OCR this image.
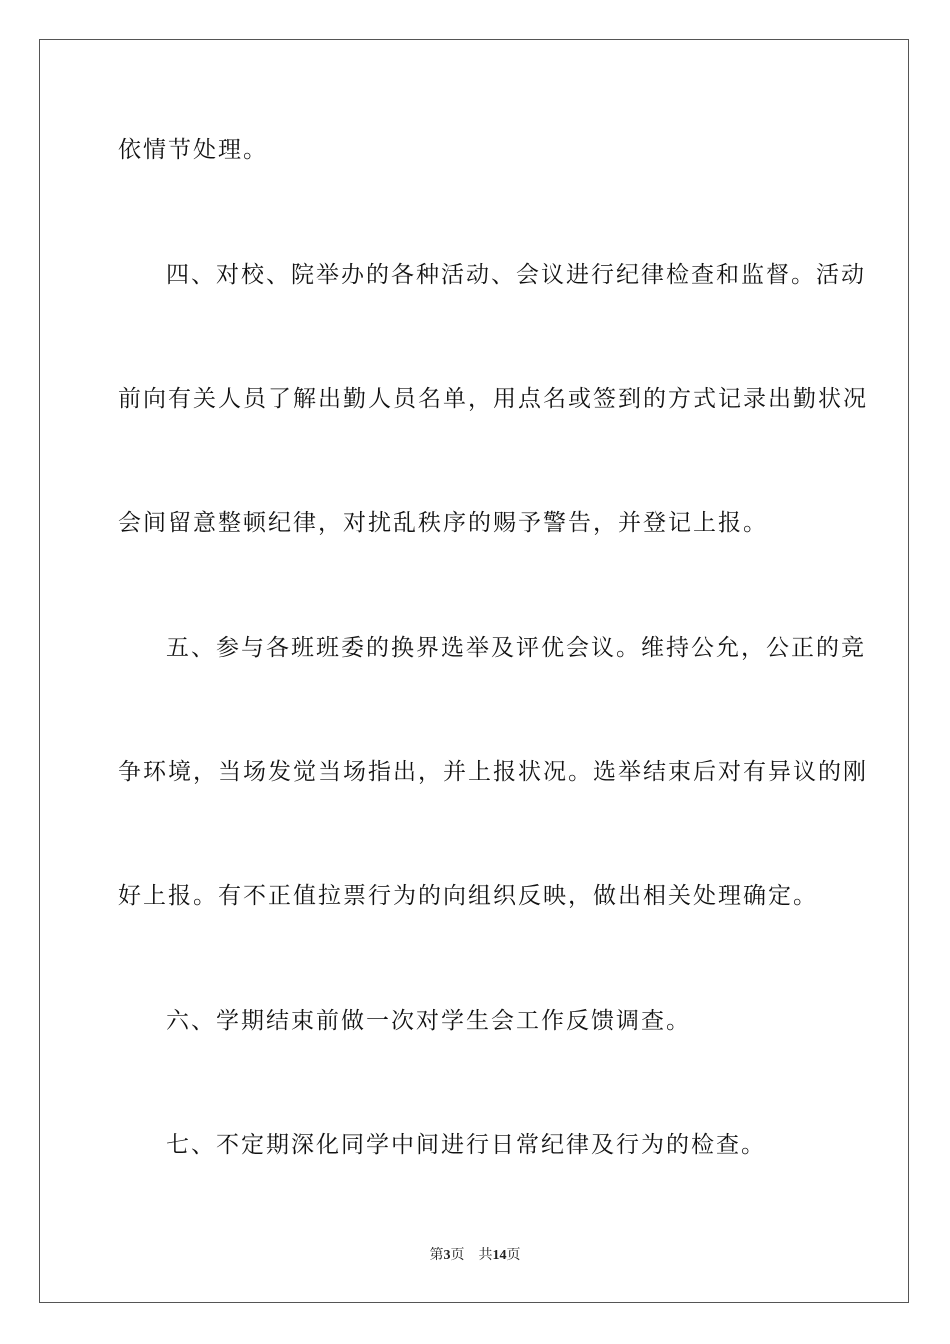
依情节处理。
四、对校、院举办的各种活动、会议进行纪律检查和监督。活动
前向有关人员了解出勤人员名单，用点名或签到的方式记录出勤状况
会间留意整顿纪律，对扰乱秩序的赐予警告，并登记上报。
五、参与各班班委的换界选举及评优会议。维持公允，公正的竞
争环境，当场发觉当场指出，并上报状况。选举结束后对有异议的刚
好上报。有不正值拉票行为的向组织反映，做出相关处理确定。
六、学期结束前做一次对学生会工作反馈调查。
七、不定期深化同学中间进行日常纪律及行为的检查。
第3页 共14页
